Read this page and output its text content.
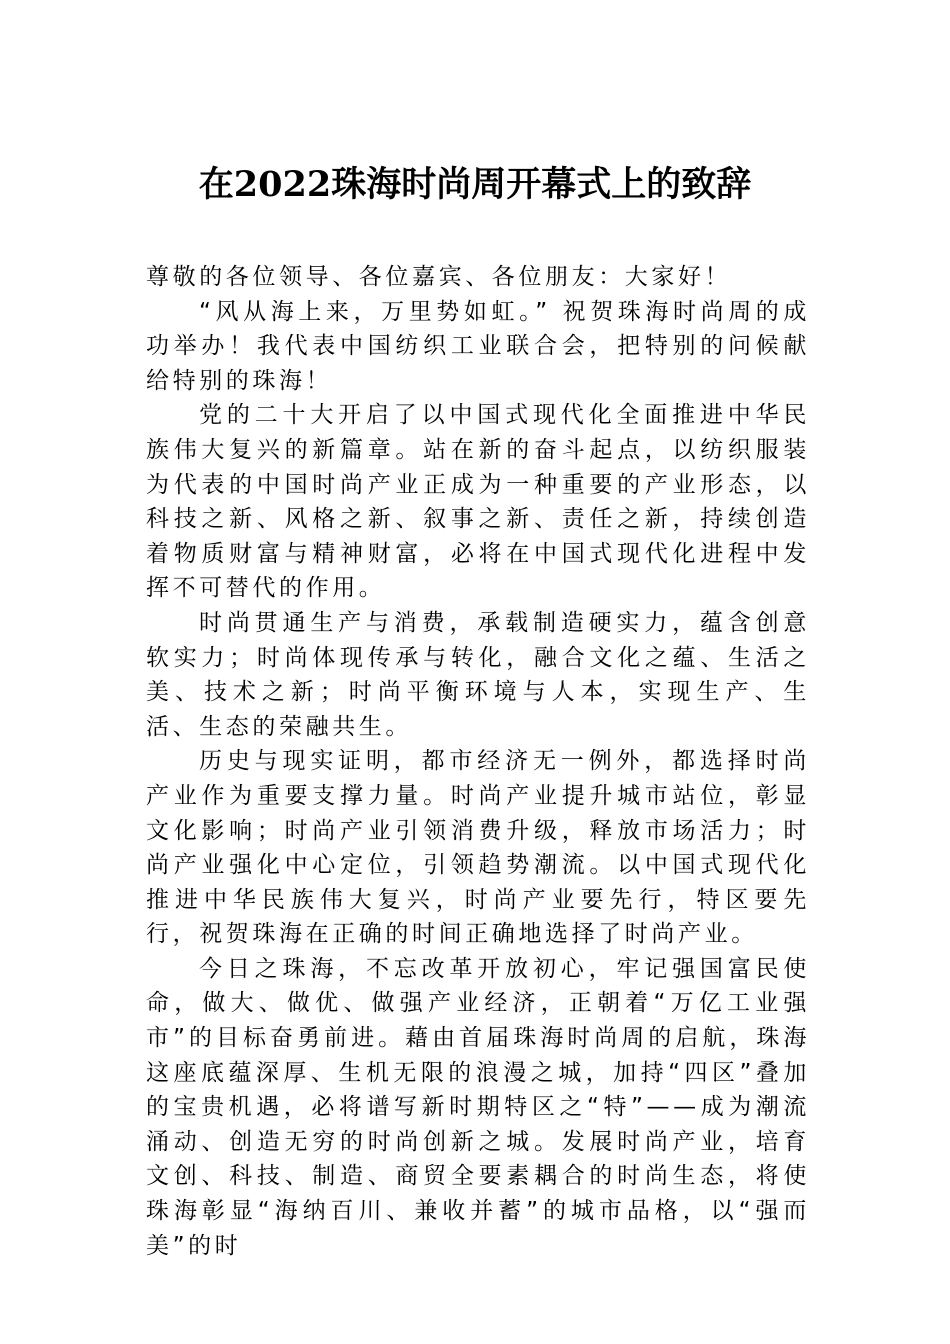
在2022珠海时尚周开幕式上的致辞

尊敬的各位领导、各位嘉宾、各位朋友：大家好！

“风从海上来，万里势如虹。” 祝贺珠海时尚周的成功举办！我代表中国纺织工业联合会，把特别的问候献给特别的珠海！

党的二十大开启了以中国式现代化全面推进中华民族伟大复兴的新篇章。站在新的奋斗起点，以纺织服装为代表的中国时尚产业正成为一种重要的产业形态，以科技之新、风格之新、叙事之新、责任之新，持续创造着物质财富与精神财富，必将在中国式现代化进程中发挥不可替代的作用。

时尚贯通生产与消费，承载制造硬实力，蕴含创意软实力；时尚体现传承与转化，融合文化之蕴、生活之美、技术之新；时尚平衡环境与人本，实现生产、生活、生态的荣融共生。

历史与现实证明，都市经济无一例外，都选择时尚产业作为重要支撑力量。时尚产业提升城市站位，彰显文化影响；时尚产业引领消费升级，释放市场活力；时尚产业强化中心定位，引领趋势潮流。以中国式现代化推进中华民族伟大复兴，时尚产业要先行，特区要先行，祝贺珠海在正确的时间正确地选择了时尚产业。

今日之珠海，不忘改革开放初心，牢记强国富民使命，做大、做优、做强产业经济，正朝着“万亿工业强市”的目标奋勇前进。藉由首届珠海时尚周的启航，珠海这座底蕴深厚、生机无限的浪漫之城，加持“四区”叠加的宝贵机遇，必将谱写新时期特区之“特”——成为潮流涌动、创造无穷的时尚创新之城。发展时尚产业，培育文创、科技、制造、商贸全要素耦合的时尚生态，将使珠海彰显“海纳百川、兼收并蓄”的城市品格，以“强而美”的时
